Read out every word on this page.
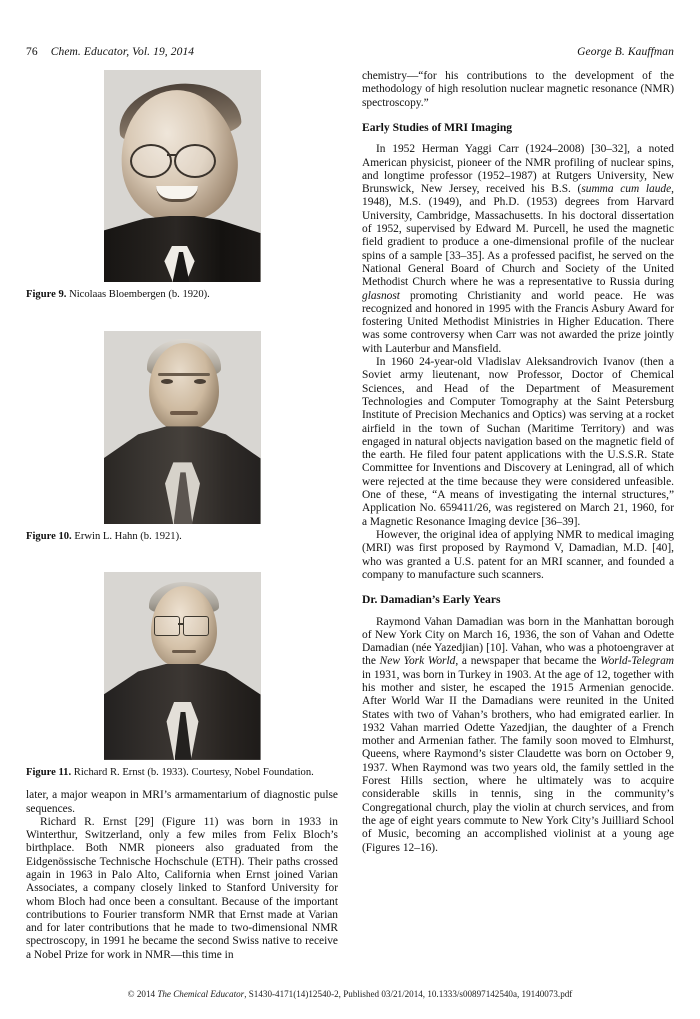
76 Chem. Educator, Vol. 19, 2014	George B. Kauffman
Figure 9. Nicolaas Bloembergen (b. 1920).
Figure 10. Erwin L. Hahn (b. 1921).
Figure 11. Richard R. Ernst (b. 1933). Courtesy, Nobel Foundation.

later, a major weapon in MRI’s armamentarium of diagnostic pulse sequences.

Richard R. Ernst [29] (Figure 11) was born in 1933 in Winterthur, Switzerland, only a few miles from Felix Bloch’s birthplace. Both NMR pioneers also graduated from the Eidgenössische Technische Hochschule (ETH). Their paths crossed again in 1963 in Palo Alto, California when Ernst joined Varian Associates, a company closely linked to Stanford University for whom Bloch had once been a consultant. Because of the important contributions to Fourier transform NMR that Ernst made at Varian and for later contributions that he made to two-dimensional NMR spectroscopy, in 1991 he became the second Swiss native to receive a Nobel Prize for work in NMR—this time in

chemistry—“for his contributions to the development of the methodology of high resolution nuclear magnetic resonance (NMR) spectroscopy.”

Early Studies of MRI Imaging

In 1952 Herman Yaggi Carr (1924–2008) [30–32], a noted American physicist, pioneer of the NMR profiling of nuclear spins, and longtime professor (1952–1987) at Rutgers University, New Brunswick, New Jersey, received his B.S. (summa cum laude, 1948), M.S. (1949), and Ph.D. (1953) degrees from Harvard University, Cambridge, Massachusetts. In his doctoral dissertation of 1952, supervised by Edward M. Purcell, he used the magnetic field gradient to produce a one-dimensional profile of the nuclear spins of a sample [33–35]. As a professed pacifist, he served on the National General Board of Church and Society of the United Methodist Church where he was a representative to Russia during glasnost promoting Christianity and world peace. He was recognized and honored in 1995 with the Francis Asbury Award for fostering United Methodist Ministries in Higher Education. There was some controversy when Carr was not awarded the prize jointly with Lauterbur and Mansfield.

In 1960 24-year-old Vladislav Aleksandrovich Ivanov (then a Soviet army lieutenant, now Professor, Doctor of Chemical Sciences, and Head of the Department of Measurement Technologies and Computer Tomography at the Saint Petersburg Institute of Precision Mechanics and Optics) was serving at a rocket airfield in the town of Suchan (Maritime Territory) and was engaged in natural objects navigation based on the magnetic field of the earth. He filed four patent applications with the U.S.S.R. State Committee for Inventions and Discovery at Leningrad, all of which were rejected at the time because they were considered unfeasible. One of these, “A means of investigating the internal structures,” Application No. 659411/26, was registered on March 21, 1960, for a Magnetic Resonance Imaging device [36–39].

However, the original idea of applying NMR to medical imaging (MRI) was first proposed by Raymond V, Damadian, M.D. [40], who was granted a U.S. patent for an MRI scanner, and founded a company to manufacture such scanners.

Dr. Damadian’s Early Years

Raymond Vahan Damadian was born in the Manhattan borough of New York City on March 16, 1936, the son of Vahan and Odette Damadian (née Yazedjian) [10]. Vahan, who was a photoengraver at the New York World, a newspaper that became the World-Telegram in 1931, was born in Turkey in 1903. At the age of 12, together with his mother and sister, he escaped the 1915 Armenian genocide. After World War II the Damadians were reunited in the United States with two of Vahan’s brothers, who had emigrated earlier. In 1932 Vahan married Odette Yazedjian, the daughter of a French mother and Armenian father. The family soon moved to Elmhurst, Queens, where Raymond’s sister Claudette was born on October 9, 1937. When Raymond was two years old, the family settled in the Forest Hills section, where he ultimately was to acquire considerable skills in tennis, sing in the community’s Congregational church, play the violin at church services, and from the age of eight years commute to New York City’s Juilliard School of Music, becoming an accomplished violinist at a young age (Figures 12–16).

© 2014 The Chemical Educator, S1430-4171(14)12540-2, Published 03/21/2014, 10.1333/s00897142540a, 19140073.pdf
